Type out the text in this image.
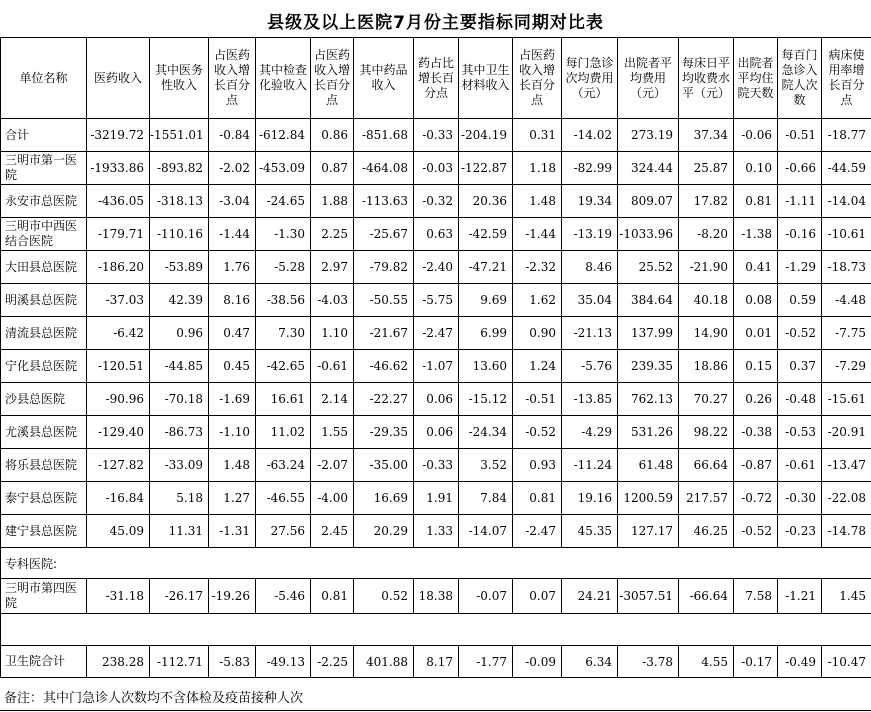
县级及以上医院7月份主要指标同期对比表
单位名称	医药收入	其中医务性收入	占医药收入增长百分点	其中检查化验收入	占医药收入增长百分点	其中药品收入	药占比增长百分点	其中卫生材料收入	占医药收入增长百分点	每门急诊次均费用（元）	出院者平均费用（元）	每床日平均收费水平（元）	出院者平均住院天数	每百门急诊入院人次数	病床使用率增长百分点
合计	-3219.72	-1551.01	-0.84	-612.84	0.86	-851.68	-0.33	-204.19	0.31	-14.02	273.19	37.34	-0.06	-0.51	-18.77
三明市第一医院	-1933.86	-893.82	-2.02	-453.09	0.87	-464.08	-0.03	-122.87	1.18	-82.99	324.44	25.87	0.10	-0.66	-44.59
永安市总医院	-436.05	-318.13	-3.04	-24.65	1.88	-113.63	-0.32	20.36	1.48	19.34	809.07	17.82	0.81	-1.11	-14.04
三明市中西医结合医院	-179.71	-110.16	-1.44	-1.30	2.25	-25.67	0.63	-42.59	-1.44	-13.19	-1033.96	-8.20	-1.38	-0.16	-10.61
大田县总医院	-186.20	-53.89	1.76	-5.28	2.97	-79.82	-2.40	-47.21	-2.32	8.46	25.52	-21.90	0.41	-1.29	-18.73
明溪县总医院	-37.03	42.39	8.16	-38.56	-4.03	-50.55	-5.75	9.69	1.62	35.04	384.64	40.18	0.08	0.59	-4.48
清流县总医院	-6.42	0.96	0.47	7.30	1.10	-21.67	-2.47	6.99	0.90	-21.13	137.99	14.90	0.01	-0.52	-7.75
宁化县总医院	-120.51	-44.85	0.45	-42.65	-0.61	-46.62	-1.07	13.60	1.24	-5.76	239.35	18.86	0.15	0.37	-7.29
沙县总医院	-90.96	-70.18	-1.69	16.61	2.14	-22.27	0.06	-15.12	-0.51	-13.85	762.13	70.27	0.26	-0.48	-15.61
尤溪县总医院	-129.40	-86.73	-1.10	11.02	1.55	-29.35	0.06	-24.34	-0.52	-4.29	531.26	98.22	-0.38	-0.53	-20.91
将乐县总医院	-127.82	-33.09	1.48	-63.24	-2.07	-35.00	-0.33	3.52	0.93	-11.24	61.48	66.64	-0.87	-0.61	-13.47
泰宁县总医院	-16.84	5.18	1.27	-46.55	-4.00	16.69	1.91	7.84	0.81	19.16	1200.59	217.57	-0.72	-0.30	-22.08
建宁县总医院	45.09	11.31	-1.31	27.56	2.45	20.29	1.33	-14.07	-2.47	45.35	127.17	46.25	-0.52	-0.23	-14.78
专科医院:															
三明市第四医院	-31.18	-26.17	-19.26	-5.46	0.81	0.52	18.38	-0.07	0.07	24.21	-3057.51	-66.64	7.58	-1.21	1.45

卫生院合计	238.28	-112.71	-5.83	-49.13	-2.25	401.88	8.17	-1.77	-0.09	6.34	-3.78	4.55	-0.17	-0.49	-10.47
备注：其中门急诊人次数均不含体检及疫苗接种人次
